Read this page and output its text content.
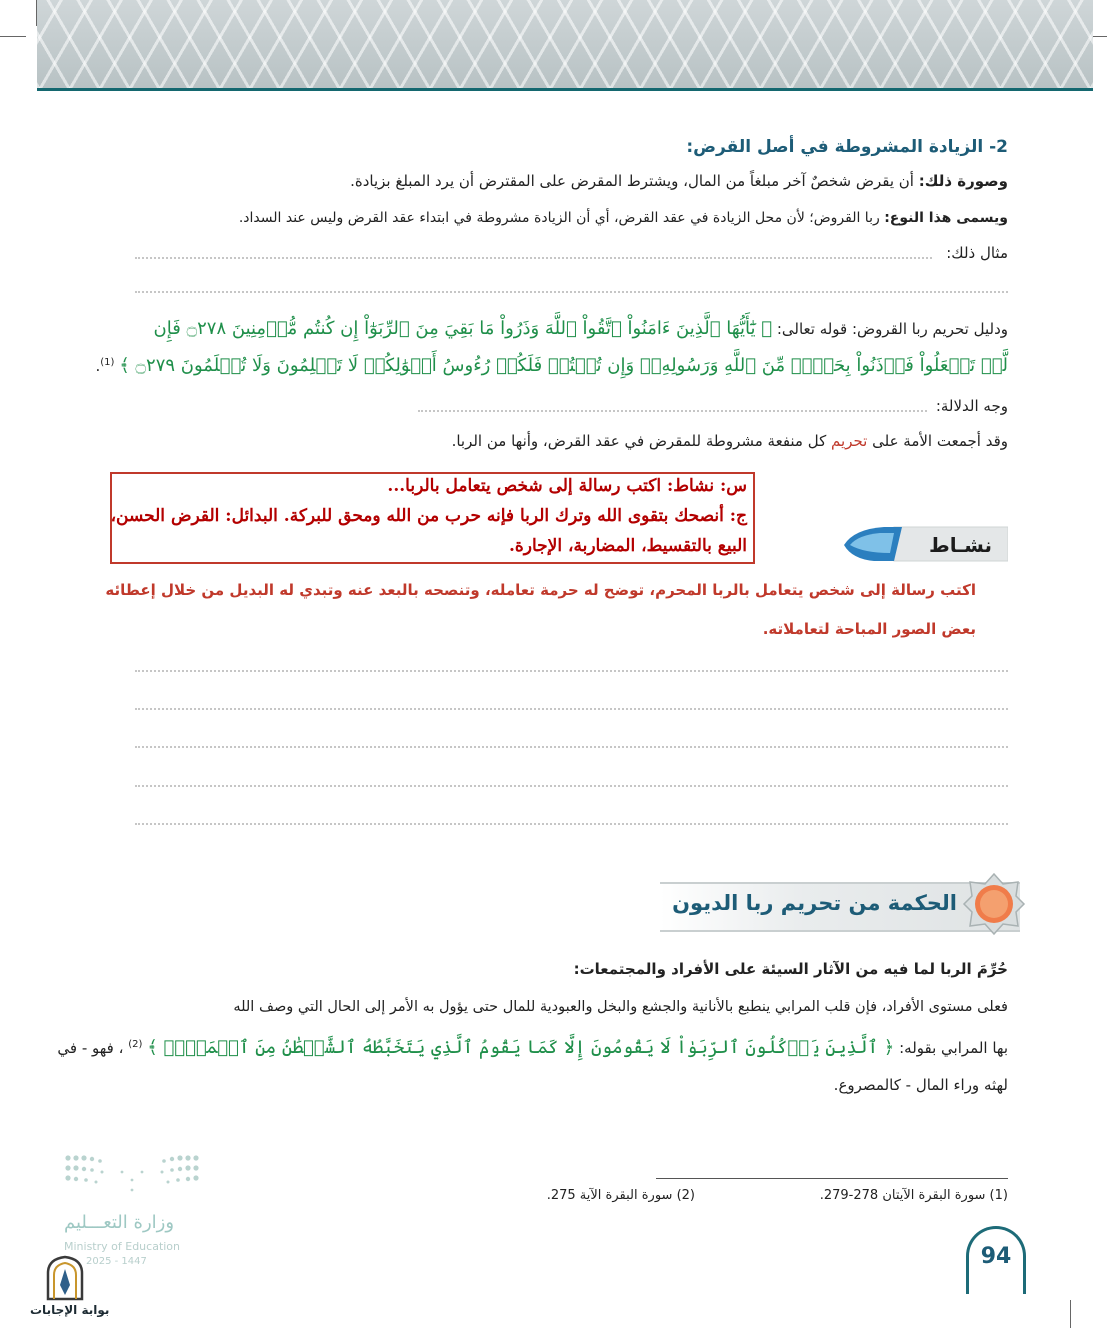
2- الزيادة المشروطة في أصل القرض:
وصورة ذلك: أن يقرض شخصٌ آخر مبلغاً من المال، ويشترط المقرض على المقترض أن يرد المبلغ بزيادة.
ويسمى هذا النوع: ربا القروض؛ لأن محل الزيادة في عقد القرض، أي أن الزيادة مشروطة في ابتداء عقد القرض وليس عند السداد.
مثال ذلك:
ودليل تحريم ربا القروض: قوله تعالى: ﴿ يَٰٓأَيُّهَا ٱلَّذِينَ ءَامَنُواْ ٱتَّقُواْ ٱللَّهَ وَذَرُواْ مَا بَقِيَ مِنَ ٱلرِّبَوٰٓاْ إِن كُنتُم مُّؤۡمِنِينَ ۝٢٧٨ فَإِن
لَّمۡ تَفۡعَلُواْ فَأۡذَنُواْ بِحَرۡبٖ مِّنَ ٱللَّهِ وَرَسُولِهِۦۖ وَإِن تُبۡتُمۡ فَلَكُمۡ رُءُوسُ أَمۡوَٰلِكُمۡ لَا تَظۡلِمُونَ وَلَا تُظۡلَمُونَ ۝٢٧٩ ﴾ $^{(1)}$.
وجه الدلالة:
وقد أجمعت الأمة على تحريم كل منفعة مشروطة للمقرض في عقد القرض، وأنها من الربا.
س: نشاط: اكتب رسالة إلى شخص يتعامل بالربا...
ج: أنصحك بتقوى الله وترك الربا فإنه حرب من الله ومحق للبركة. البدائل: القرض الحسن،
البيع بالتقسيط، المضاربة، الإجارة.	نشـاط
اكتب رسالة إلى شخص يتعامل بالربا المحرم، توضح له حرمة تعامله، وتنصحه بالبعد عنه وتبدي له البديل من خلال إعطائه
بعض الصور المباحة لتعاملاته.
الحكمة من تحريم ربا الديون
حُرِّمَ الربا لما فيه من الآثار السيئة على الأفراد والمجتمعات:
فعلى مستوى الأفراد، فإن قلب المرابي ينطبع بالأنانية والجشع والبخل والعبودية للمال حتى يؤول به الأمر إلى الحال التي وصف الله
بها المرابي بقوله: ﴿ ٱلَّذِينَ يَأۡكُلُونَ ٱلرِّبَوٰاْ لَا يَقُومُونَ إِلَّا كَمَا يَقُومُ ٱلَّذِي يَتَخَبَّطُهُ ٱلشَّيۡطَٰنُ مِنَ ٱلۡمَسِّۚ ﴾ $^{(2)}$ ، فهو - في
لهثه وراء المال - كالمصروع.
(1) سورة البقرة الآيتان 278-279.
(2) سورة البقرة الآية 275.
94
وزارة التعـــليم
Ministry of Education
2025 - 1447
بوابة الإجابات
